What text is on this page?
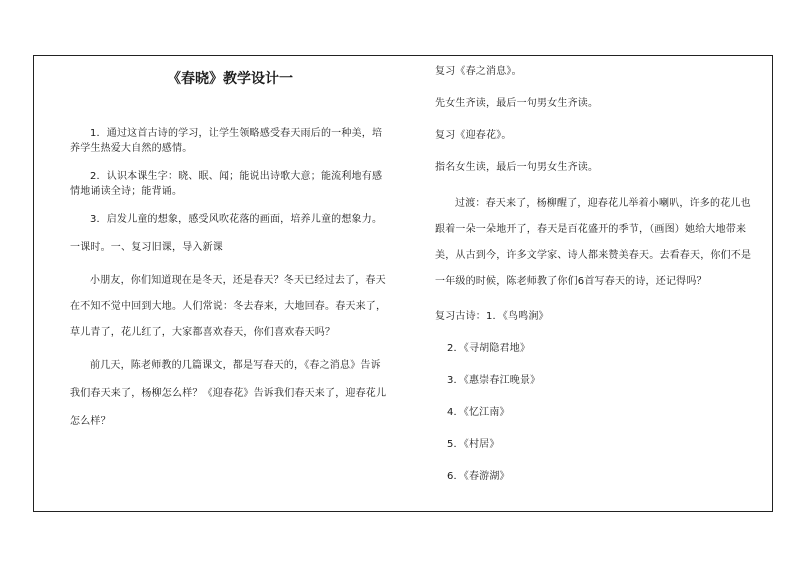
《春晓》教学设计一

1．通过这首古诗的学习，让学生领略感受春天雨后的一种美，培养学生热爱大自然的感情。

2．认识本课生字：晓、眠、闻；能说出诗歌大意；能流利地有感情地诵读全诗；能背诵。

3．启发儿童的想象，感受风吹花落的画面，培养儿童的想象力。

一课时。一、复习旧课，导入新课

小朋友，你们知道现在是冬天，还是春天？冬天已经过去了，春天在不知不觉中回到大地。人们常说：冬去春来，大地回春。春天来了，草儿青了，花儿红了，大家都喜欢春天，你们喜欢春天吗？

前几天，陈老师教的几篇课文，都是写春天的，《春之消息》告诉我们春天来了，杨柳怎么样？《迎春花》告诉我们春天来了，迎春花儿怎么样？

复习《春之消息》。

先女生齐读，最后一句男女生齐读。

复习《迎春花》。

指名女生读，最后一句男女生齐读。

过渡：春天来了，杨柳醒了，迎春花儿举着小喇叭，许多的花儿也跟着一朵一朵地开了，春天是百花盛开的季节，（画图）她给大地带来美，从古到今，许多文学家、诗人都来赞美春天。去看春天，你们不是一年级的时候，陈老师教了你们6首写春天的诗，还记得吗？

复习古诗：1．《鸟鸣涧》

2．《寻胡隐君地》

3．《惠崇春江晚景》

4．《忆江南》

5．《村居》

6．《春游湖》
